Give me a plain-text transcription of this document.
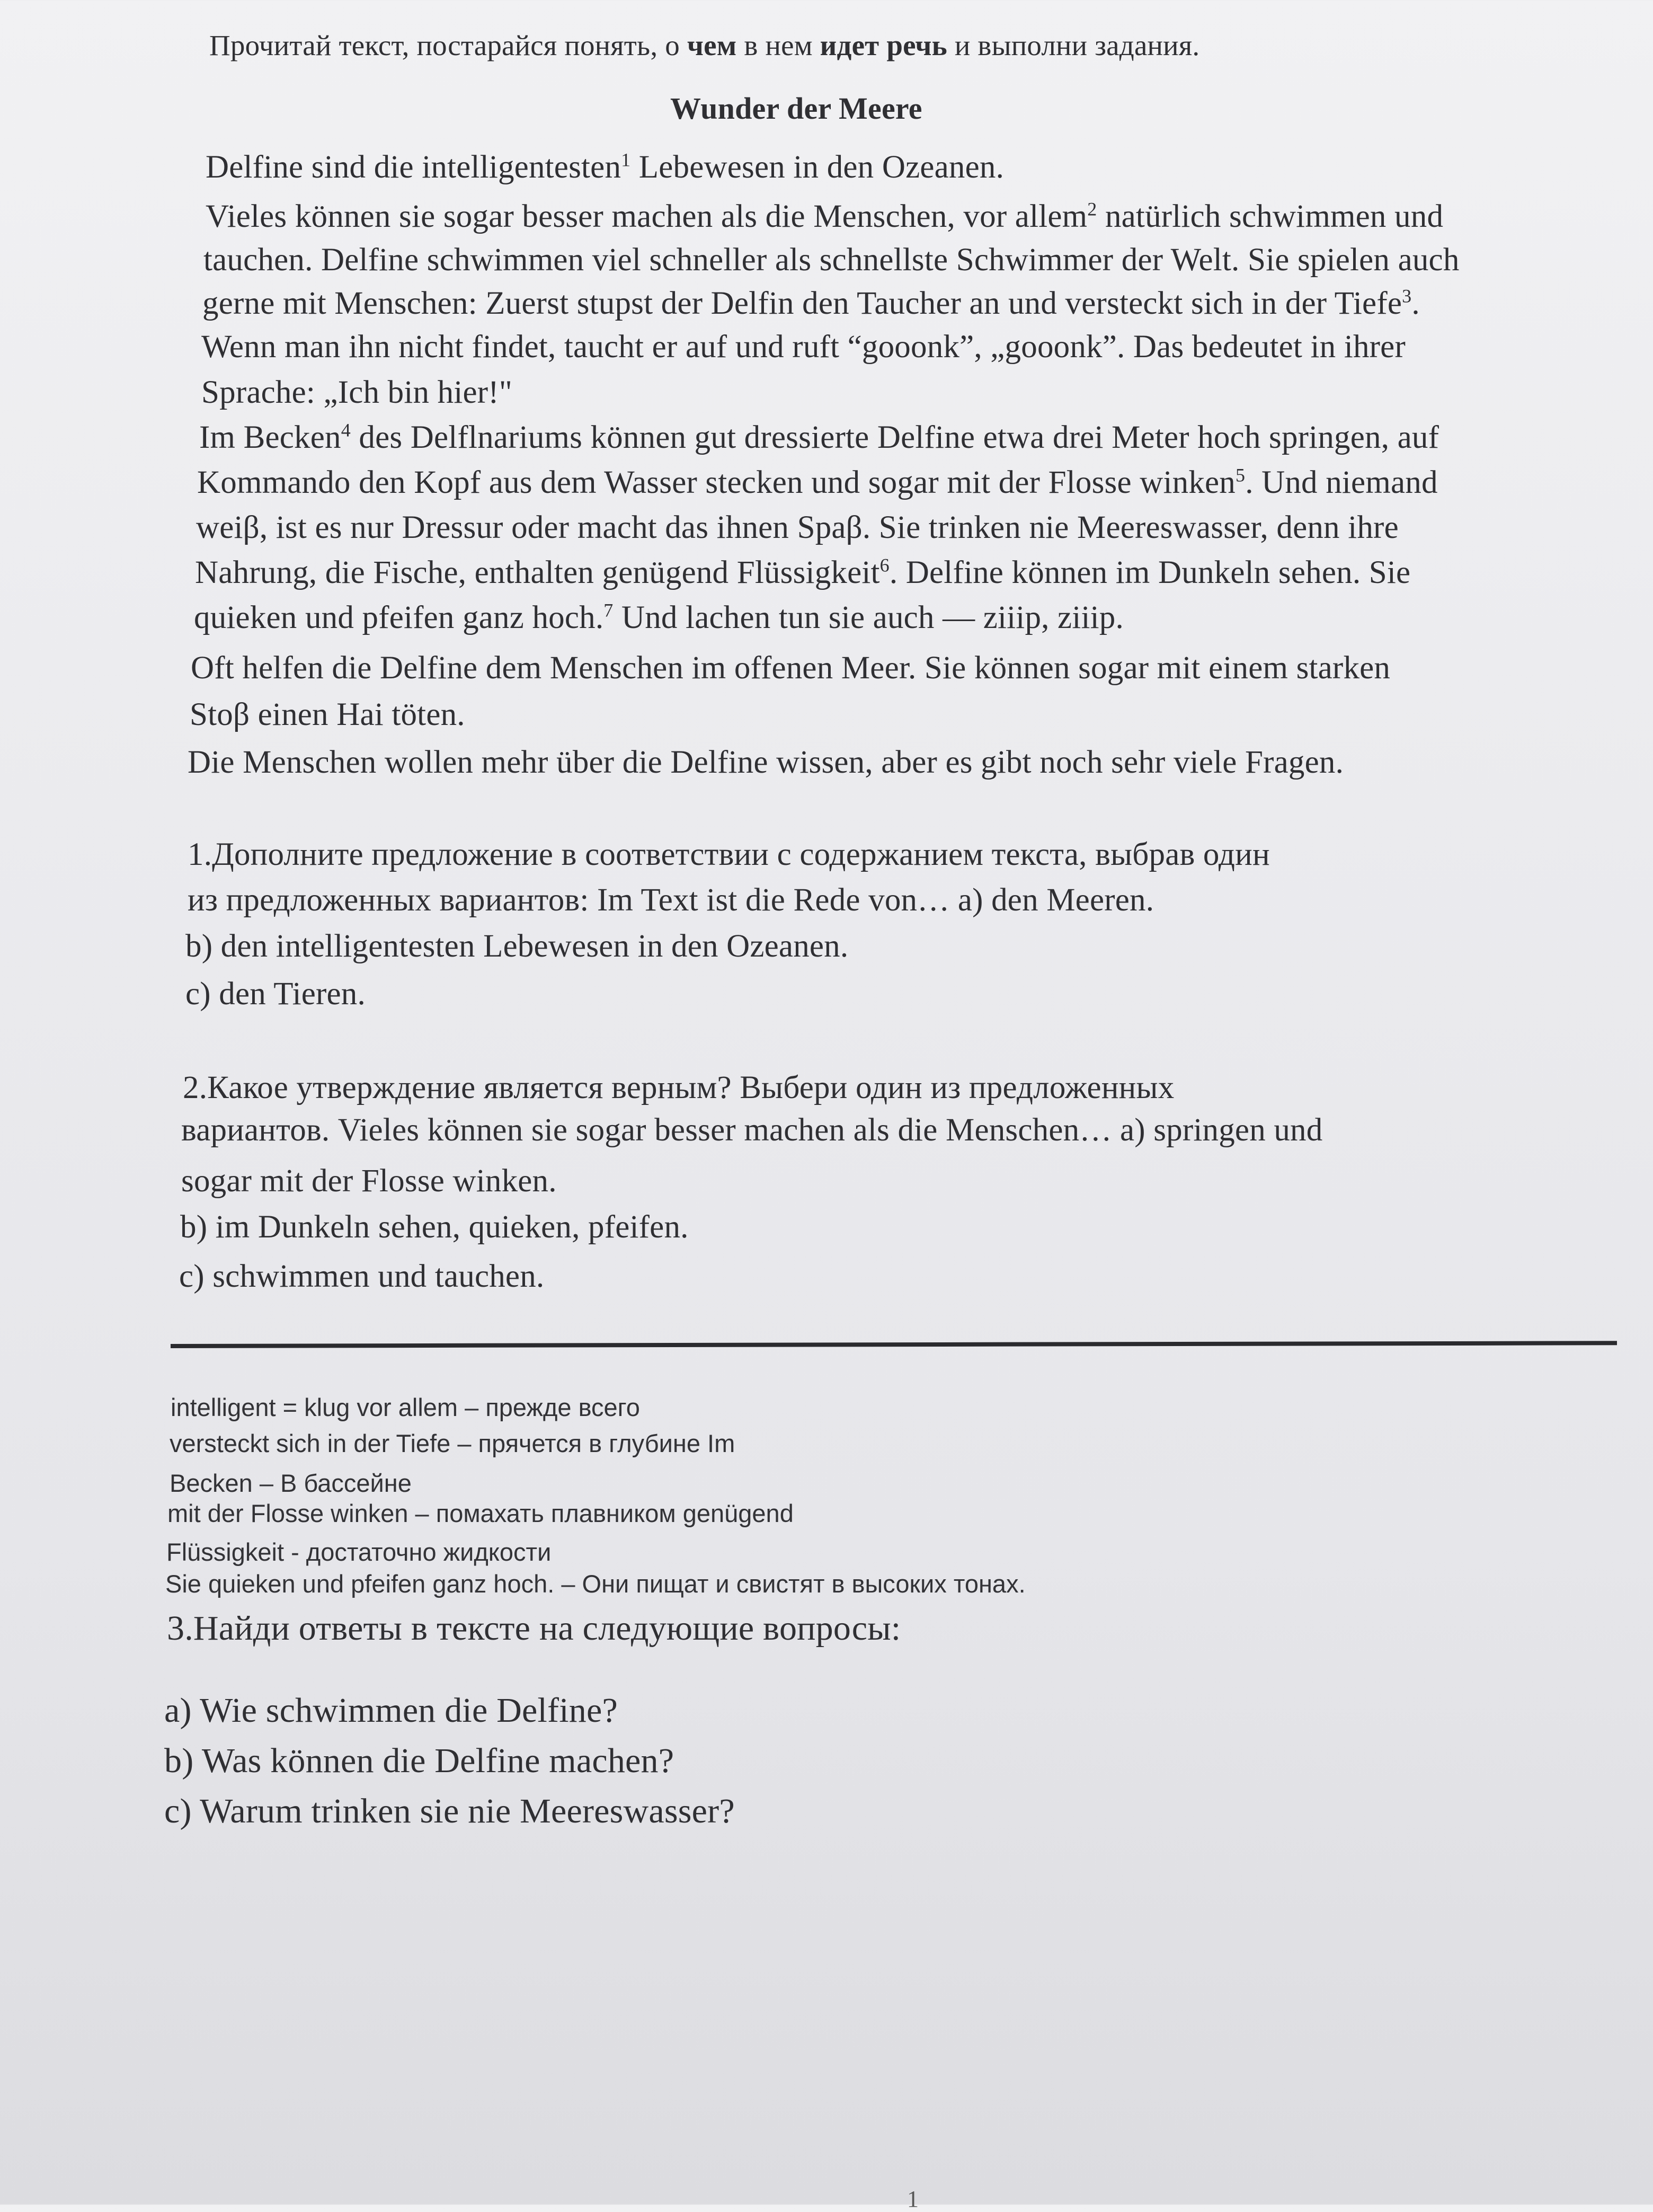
Прочитай текст, постарайся понять, о чем в нем идет речь и выполни задания.
Wunder der Meere
Delfine sind die intelligentesten$^1$ Lebewesen in den Ozeanen.
Vieles können sie sogar besser machen als die Menschen, vor allem$^2$ natürlich schwimmen und
tauchen. Delfine schwimmen viel schneller als schnellste Schwimmer der Welt. Sie spielen auch
gerne mit Menschen: Zuerst stupst der Delfin den Taucher an und versteckt sich in der Tiefe$^3$.
Wenn man ihn nicht findet, taucht er auf und ruft “gooonk”, „gooonk”. Das bedeutet in ihrer
Sprache: „Ich bin hier!"
Im Becken$^4$ des Delflnariums können gut dressierte Delfine etwa drei Meter hoch springen, auf
Kommando den Kopf aus dem Wasser stecken und sogar mit der Flosse winken$^5$. Und niemand
weiβ, ist es nur Dressur oder macht das ihnen Spaβ. Sie trinken nie Meereswasser, denn ihre
Nahrung, die Fische, enthalten genügend Flüssigkeit$^6$. Delfine können im Dunkeln sehen. Sie
quieken und pfeifen ganz hoch.$^7$ Und lachen tun sie auch — ziiip, ziiip.
Oft helfen die Delfine dem Menschen im offenen Meer. Sie können sogar mit einem starken
Stoβ einen Hai töten.
Die Menschen wollen mehr über die Delfine wissen, aber es gibt noch sehr viele Fragen.
1.Дополните предложение в соответствии с содержанием текста, выбрав один
из предложенных вариантов: Im Text ist die Rede von… a) den Meeren.
b) den intelligentesten Lebewesen in den Ozeanen.
c) den Tieren.
2.Какое утверждение является верным? Выбери один из предложенных
вариантов. Vieles können sie sogar besser machen als die Menschen… a) springen und
sogar mit der Flosse winken.
b) im Dunkeln sehen, quieken, pfeifen.
c) schwimmen und tauchen.
intelligent = klug vor allem – прежде всего
versteckt sich in der Tiefe – прячется в глубине Im
Becken – В бассейне
mit der Flosse winken – помахать плавником genügend
Flüssigkeit - достаточно жидкости
Sie quieken und pfeifen ganz hoch. – Они пищат и свистят в высоких тонах.
3.Найди ответы в тексте на следующие вопросы:
a) Wie schwimmen die Delfine?
b) Was können die Delfine machen?
c) Warum trinken sie nie Meereswasser?
1
